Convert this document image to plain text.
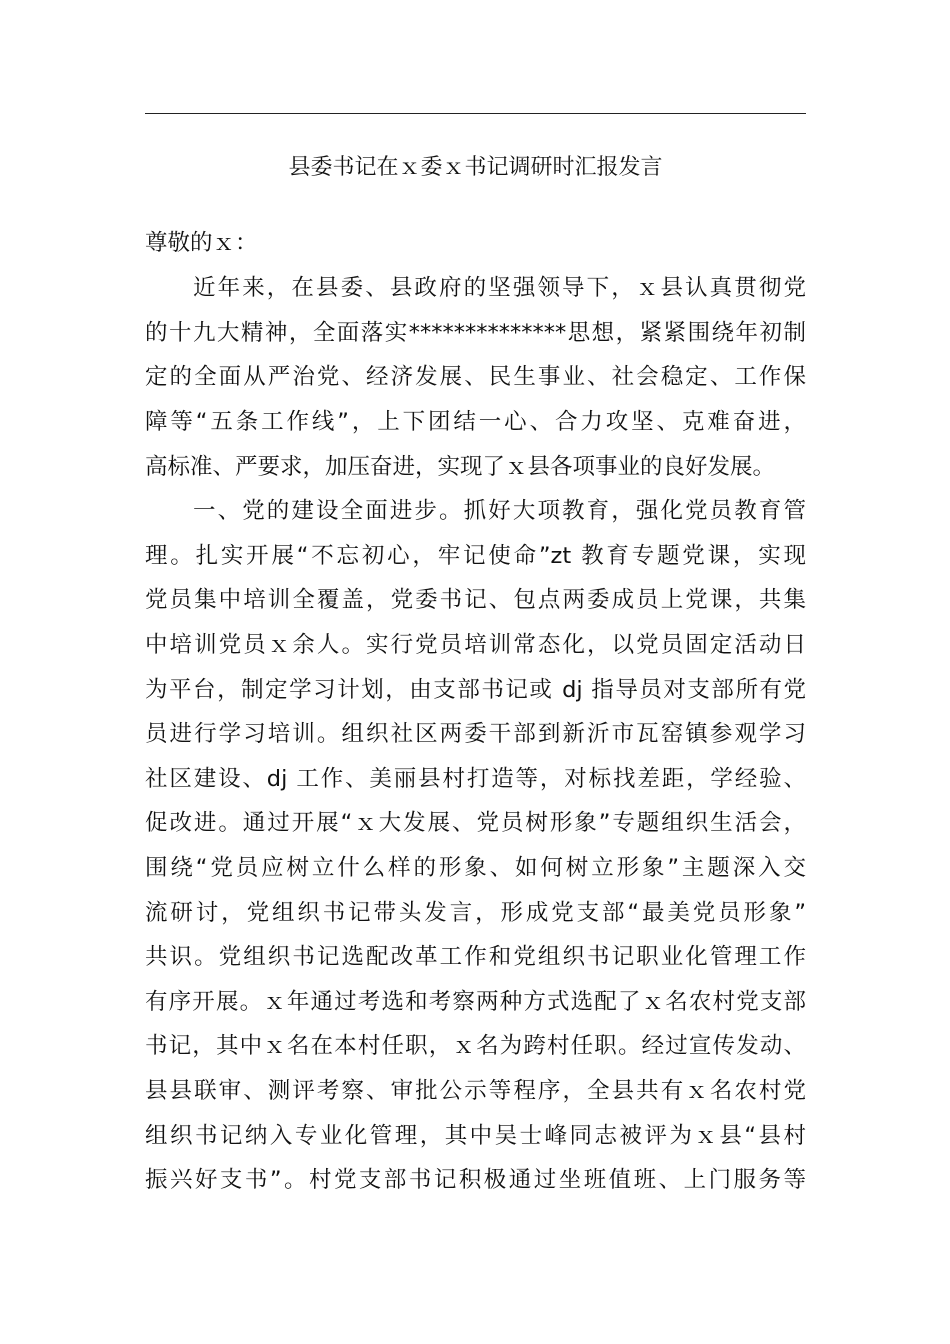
县委书记在ｘ委ｘ书记调研时汇报发言
尊敬的ｘ：
近年来，在县委、县政府的坚强领导下，ｘ县认真贯彻党
的十九大精神，全面落实**************思想，紧紧围绕年初制
定的全面从严治党、经济发展、民生事业、社会稳定、工作保
障等“五条工作线”，上下团结一心、合力攻坚、克难奋进，
高标准、严要求，加压奋进，实现了ｘ县各项事业的良好发展。
一、党的建设全面进步。抓好大项教育，强化党员教育管
理。扎实开展“不忘初心，牢记使命”zt 教育专题党课，实现
党员集中培训全覆盖，党委书记、包点两委成员上党课，共集
中培训党员ｘ余人。实行党员培训常态化，以党员固定活动日
为平台，制定学习计划，由支部书记或 dj 指导员对支部所有党
员进行学习培训。组织社区两委干部到新沂市瓦窑镇参观学习
社区建设、dj 工作、美丽县村打造等，对标找差距，学经验、
促改进。通过开展“ｘ大发展、党员树形象”专题组织生活会，
围绕“党员应树立什么样的形象、如何树立形象”主题深入交
流研讨，党组织书记带头发言，形成党支部“最美党员形象”
共识。党组织书记选配改革工作和党组织书记职业化管理工作
有序开展。ｘ年通过考选和考察两种方式选配了ｘ名农村党支部
书记，其中ｘ名在本村任职，ｘ名为跨村任职。经过宣传发动、
县县联审、测评考察、审批公示等程序，全县共有ｘ名农村党
组织书记纳入专业化管理，其中吴士峰同志被评为ｘ县“县村
振兴好支书”。村党支部书记积极通过坐班值班、上门服务等
